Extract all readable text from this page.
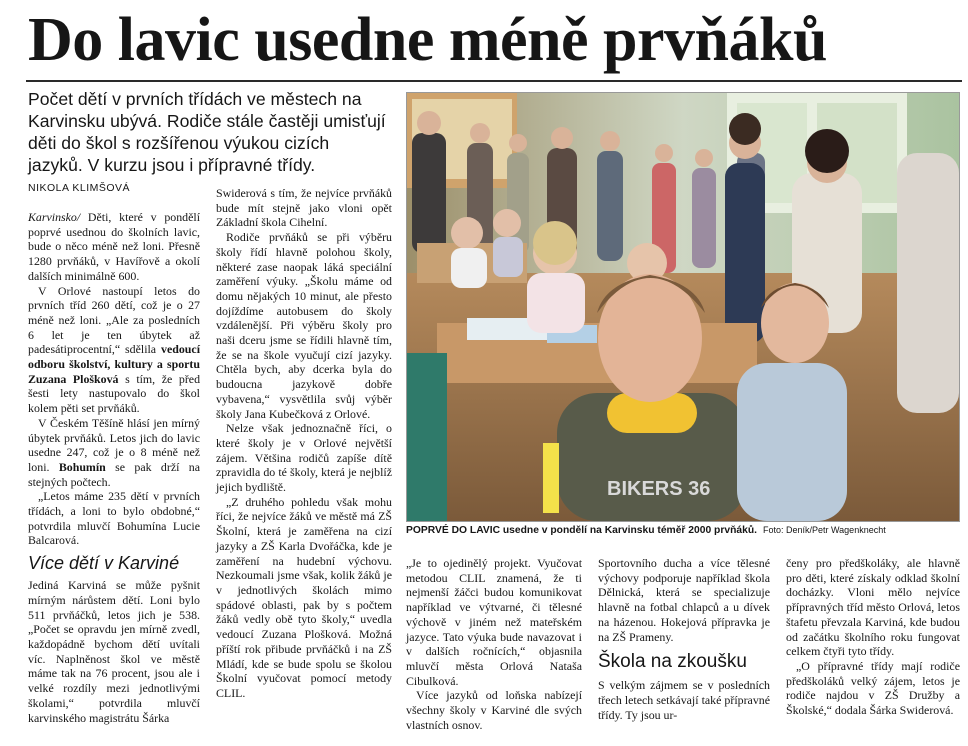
Do lavic usedne méně prvňáků
Počet dětí v prvních třídách ve městech na Karvinsku ubývá. Rodiče stále častěji umisťují děti do škol s rozšířenou výukou cizích jazyků. V kurzu jsou i přípravné třídy.
NIKOLA KLIMŠOVÁ

Karvinsko/ Děti, které v pondělí poprvé usednou do školních lavic, bude o něco méně než loni. Přesně 1280 prvňáků, v Havířově a okolí dalších minimálně 600.

V Orlové nastoupí letos do prvních tříd 260 dětí, což je o 27 méně než loni. „Ale za posledních 6 let je ten úbytek až padesátiprocentní,“ sdělila vedoucí odboru školství, kultury a sportu Zuzana Plošková s tím, že před šesti lety nastupovalo do škol kolem pěti set prvňáků.

V Českém Těšíně hlásí jen mírný úbytek prvňáků. Letos jich do lavic usedne 247, což je o 8 méně než loni. Bohumín se pak drží na stejných počtech.

„Letos máme 235 dětí v prvních třídách, a loni to bylo obdobné,“ potvrdila mluvčí Bohumína Lucie Balcarová.

Více dětí v Karviné

Jediná Karviná se může pyšnit mírným nárůstem dětí. Loni bylo 511 prvňáčků, letos jich je 538. „Počet se opravdu jen mírně zvedl, každopádně bychom dětí uvítali víc. Naplněnost škol ve městě máme tak na 76 procent, jsou ale i velké rozdíly mezi jednotlivými školami,“ potvrdila mluvčí karvinského magistrátu Šárka

Swiderová s tím, že nejvíce prvňáků bude mít stejně jako vloni opět Základní škola Cihelní.

Rodiče prvňáků se při výběru školy řídí hlavně polohou školy, některé zase naopak láká speciální zaměření výuky. „Školu máme od domu nějakých 10 minut, ale přesto dojíždíme autobusem do školy vzdálenější. Při výběru školy pro naši dceru jsme se řídili hlavně tím, že se na škole vyučují cizí jazyky. Chtěla bych, aby dcerka byla do budoucna jazykově dobře vybavena,“ vysvětlila svůj výběr školy Jana Kubečková z Orlové.

Nelze však jednoznačně říci, o které školy je v Orlové největší zájem. Většina rodičů zapíše dítě zpravidla do té školy, která je nejblíž jejich bydliště.

„Z druhého pohledu však mohu říci, že nejvíce žáků ve městě má ZŠ Školní, která je zaměřena na cizí jazyky a ZŠ Karla Dvořáčka, kde je zaměření na hudební výchovu. Nezkoumali jsme však, kolik žáků je v jednotlivých školách mimo spádové oblasti, pak by s počtem žáků vedly obě tyto školy,“ uvedla vedoucí Zuzana Plošková. Možná příští rok přibude prvňáčků i na ZŠ Mládí, kde se bude spolu se školou Školní vyučovat pomocí metody CLIL.

BIKERS 36
POPRVÉ DO LAVIC usedne v pondělí na Karvinsku téměř 2000 prvňáků. Foto: Deník/Petr Wagenknecht

„Je to ojedinělý projekt. Vyučovat metodou CLIL znamená, že ti nejmenší žáčci budou komunikovat například ve výtvarné, či tělesné výchově v jiném než mateřském jazyce. Tato výuka bude navazovat i v dalších ročnících,“ objasnila mluvčí města Orlová Nataša Cibulková.

Více jazyků od loňska nabízejí všechny školy v Karviné dle svých vlastních osnov.

Sportovního ducha a více tělesné výchovy podporuje například škola Dělnická, která se specializuje hlavně na fotbal chlapců a u dívek na házenou. Hokejová přípravka je na ZŠ Prameny.

Škola na zkoušku

S velkým zájmem se v posledních třech letech setkávají také přípravné třídy. Ty jsou ur-

čeny pro předškoláky, ale hlavně pro děti, které získaly odklad školní docházky. Vloni mělo nejvíce přípravných tříd město Orlová, letos štafetu převzala Karviná, kde budou od začátku školního roku fungovat celkem čtyři tyto třídy.

„O přípravné třídy mají rodiče předškoláků velký zájem, letos je rodiče najdou v ZŠ Družby a Školské,“ dodala Šárka Swiderová.
